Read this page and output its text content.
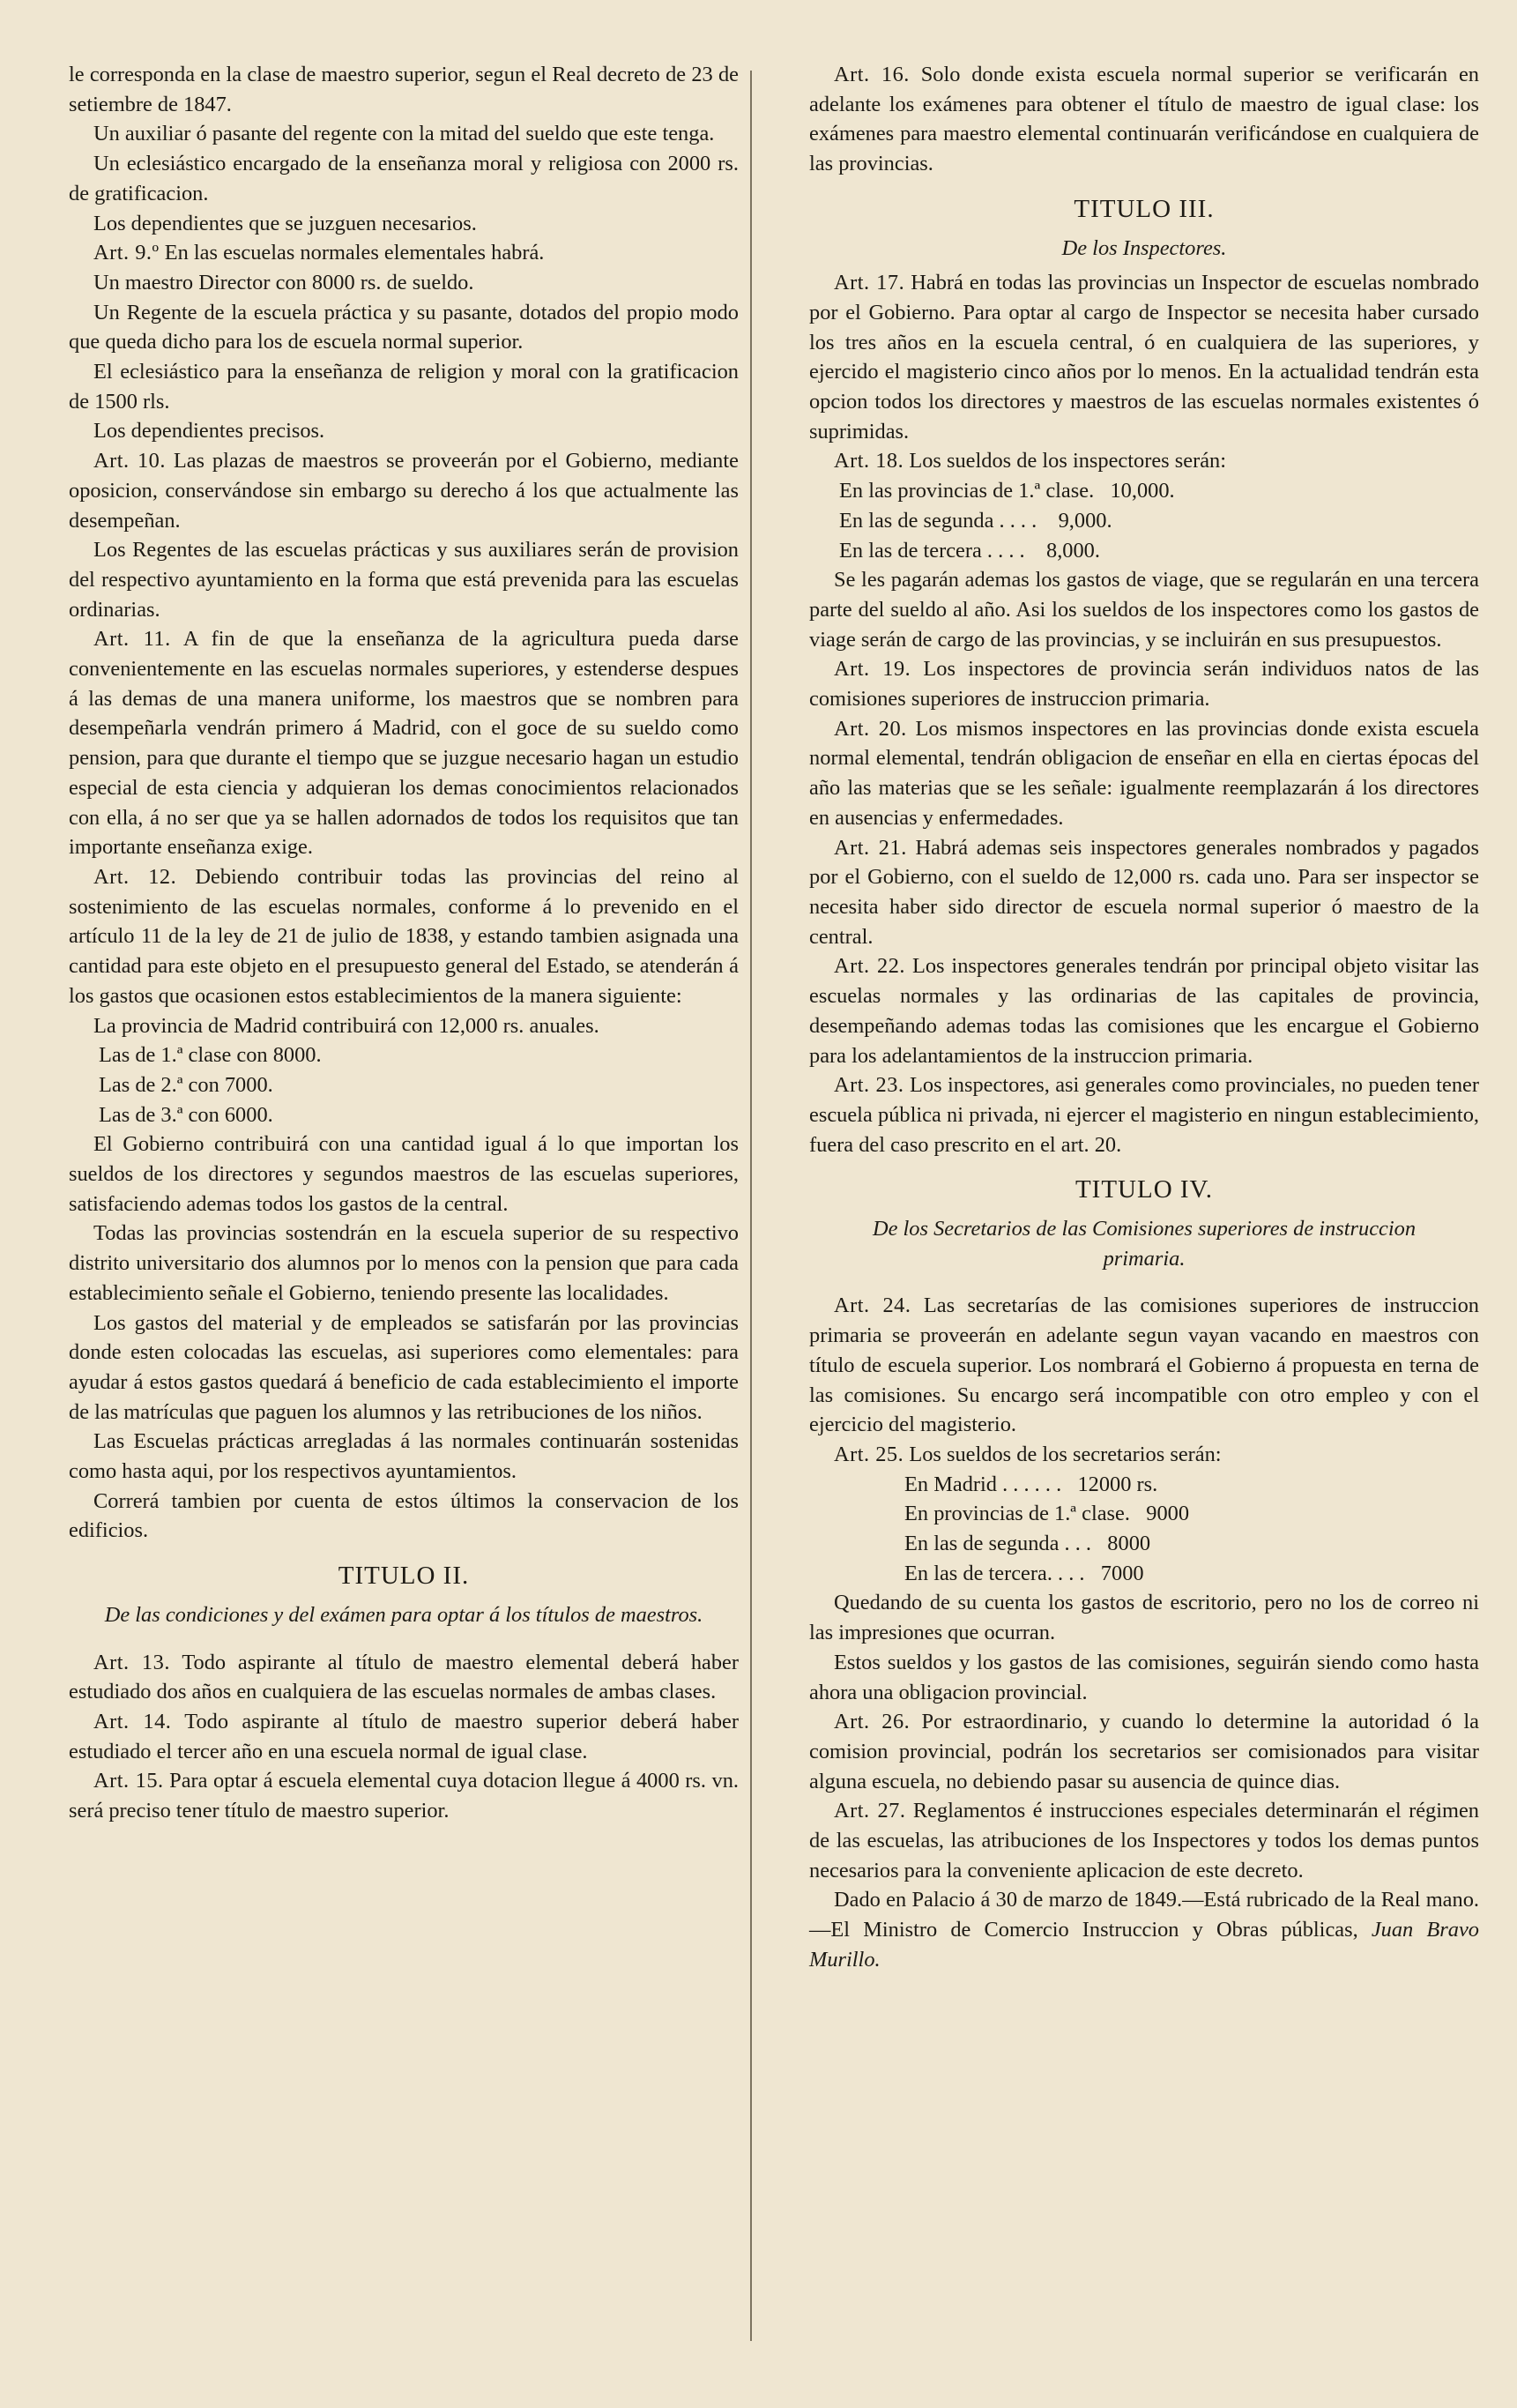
le corresponda en la clase de maestro superior, segun el Real decreto de 23 de setiembre de 1847.

Un auxiliar ó pasante del regente con la mitad del sueldo que este tenga.

Un eclesiástico encargado de la enseñanza moral y religiosa con 2000 rs. de gratificacion.

Los dependientes que se juzguen necesarios.

Art. 9.º En las escuelas normales elementales habrá.

Un maestro Director con 8000 rs. de sueldo.

Un Regente de la escuela práctica y su pasante, dotados del propio modo que queda dicho para los de escuela normal superior.

El eclesiástico para la enseñanza de religion y moral con la gratificacion de 1500 rls.

Los dependientes precisos.

Art. 10. Las plazas de maestros se proveerán por el Gobierno, mediante oposicion, conservándose sin embargo su derecho á los que actualmente las desempeñan.

Los Regentes de las escuelas prácticas y sus auxiliares serán de provision del respectivo ayuntamiento en la forma que está prevenida para las escuelas ordinarias.

Art. 11. A fin de que la enseñanza de la agricultura pueda darse convenientemente en las escuelas normales superiores, y estenderse despues á las demas de una manera uniforme, los maestros que se nombren para desempeñarla vendrán primero á Madrid, con el goce de su sueldo como pension, para que durante el tiempo que se juzgue necesario hagan un estudio especial de esta ciencia y adquieran los demas conocimientos relacionados con ella, á no ser que ya se hallen adornados de todos los requisitos que tan importante enseñanza exige.

Art. 12. Debiendo contribuir todas las provincias del reino al sostenimiento de las escuelas normales, conforme á lo prevenido en el artículo 11 de la ley de 21 de julio de 1838, y estando tambien asignada una cantidad para este objeto en el presupuesto general del Estado, se atenderán á los gastos que ocasionen estos establecimientos de la manera siguiente:

La provincia de Madrid contribuirá con 12,000 rs. anuales.

Las de 1.ª clase con 8000.

Las de 2.ª con 7000.

Las de 3.ª con 6000.

El Gobierno contribuirá con una cantidad igual á lo que importan los sueldos de los directores y segundos maestros de las escuelas superiores, satisfaciendo ademas todos los gastos de la central.

Todas las provincias sostendrán en la escuela superior de su respectivo distrito universitario dos alumnos por lo menos con la pension que para cada establecimiento señale el Gobierno, teniendo presente las localidades.

Los gastos del material y de empleados se satisfarán por las provincias donde esten colocadas las escuelas, asi superiores como elementales: para ayudar á estos gastos quedará á beneficio de cada establecimiento el importe de las matrículas que paguen los alumnos y las retribuciones de los niños.

Las Escuelas prácticas arregladas á las normales continuarán sostenidas como hasta aqui, por los respectivos ayuntamientos.

Correrá tambien por cuenta de estos últimos la conservacion de los edificios.

TITULO II.
De las condiciones y del exámen para optar á los títulos de maestros.

Art. 13. Todo aspirante al título de maestro elemental deberá haber estudiado dos años en cualquiera de las escuelas normales de ambas clases.

Art. 14. Todo aspirante al título de maestro superior deberá haber estudiado el tercer año en una escuela normal de igual clase.

Art. 15. Para optar á escuela elemental cuya dotacion llegue á 4000 rs. vn. será preciso tener título de maestro superior.

Art. 16. Solo donde exista escuela normal superior se verificarán en adelante los exámenes para obtener el título de maestro de igual clase: los exámenes para maestro elemental continuarán verificándose en cualquiera de las provincias.

TITULO III.
De los Inspectores.

Art. 17. Habrá en todas las provincias un Inspector de escuelas nombrado por el Gobierno. Para optar al cargo de Inspector se necesita haber cursado los tres años en la escuela central, ó en cualquiera de las superiores, y ejercido el magisterio cinco años por lo menos. En la actualidad tendrán esta opcion todos los directores y maestros de las escuelas normales existentes ó suprimidas.

Art. 18. Los sueldos de los inspectores serán:

En las provincias de 1.ª clase.   10,000.

En las de segunda . . . .    9,000.

En las de tercera . . . .    8,000.

Se les pagarán ademas los gastos de viage, que se regularán en una tercera parte del sueldo al año. Asi los sueldos de los inspectores como los gastos de viage serán de cargo de las provincias, y se incluirán en sus presupuestos.

Art. 19. Los inspectores de provincia serán individuos natos de las comisiones superiores de instruccion primaria.

Art. 20. Los mismos inspectores en las provincias donde exista escuela normal elemental, tendrán obligacion de enseñar en ella en ciertas épocas del año las materias que se les señale: igualmente reemplazarán á los directores en ausencias y enfermedades.

Art. 21. Habrá ademas seis inspectores generales nombrados y pagados por el Gobierno, con el sueldo de 12,000 rs. cada uno. Para ser inspector se necesita haber sido director de escuela normal superior ó maestro de la central.

Art. 22. Los inspectores generales tendrán por principal objeto visitar las escuelas normales y las ordinarias de las capitales de provincia, desempeñando ademas todas las comisiones que les encargue el Gobierno para los adelantamientos de la instruccion primaria.

Art. 23. Los inspectores, asi generales como provinciales, no pueden tener escuela pública ni privada, ni ejercer el magisterio en ningun establecimiento, fuera del caso prescrito en el art. 20.

TITULO IV.
De los Secretarios de las Comisiones superiores de instruccion primaria.

Art. 24. Las secretarías de las comisiones superiores de instruccion primaria se proveerán en adelante segun vayan vacando en maestros con título de escuela superior. Los nombrará el Gobierno á propuesta en terna de las comisiones. Su encargo será incompatible con otro empleo y con el ejercicio del magisterio.

Art. 25. Los sueldos de los secretarios serán:

En Madrid . . . . . .   12000 rs.

En provincias de 1.ª clase.   9000

En las de segunda . . .   8000

En las de tercera. . . .   7000

Quedando de su cuenta los gastos de escritorio, pero no los de correo ni las impresiones que ocurran.

Estos sueldos y los gastos de las comisiones, seguirán siendo como hasta ahora una obligacion provincial.

Art. 26. Por estraordinario, y cuando lo determine la autoridad ó la comision provincial, podrán los secretarios ser comisionados para visitar alguna escuela, no debiendo pasar su ausencia de quince dias.

Art. 27. Reglamentos é instrucciones especiales determinarán el régimen de las escuelas, las atribuciones de los Inspectores y todos los demas puntos necesarios para la conveniente aplicacion de este decreto.

Dado en Palacio á 30 de marzo de 1849.—Está rubricado de la Real mano.—El Ministro de Comercio Instruccion y Obras públicas, Juan Bravo Murillo.
